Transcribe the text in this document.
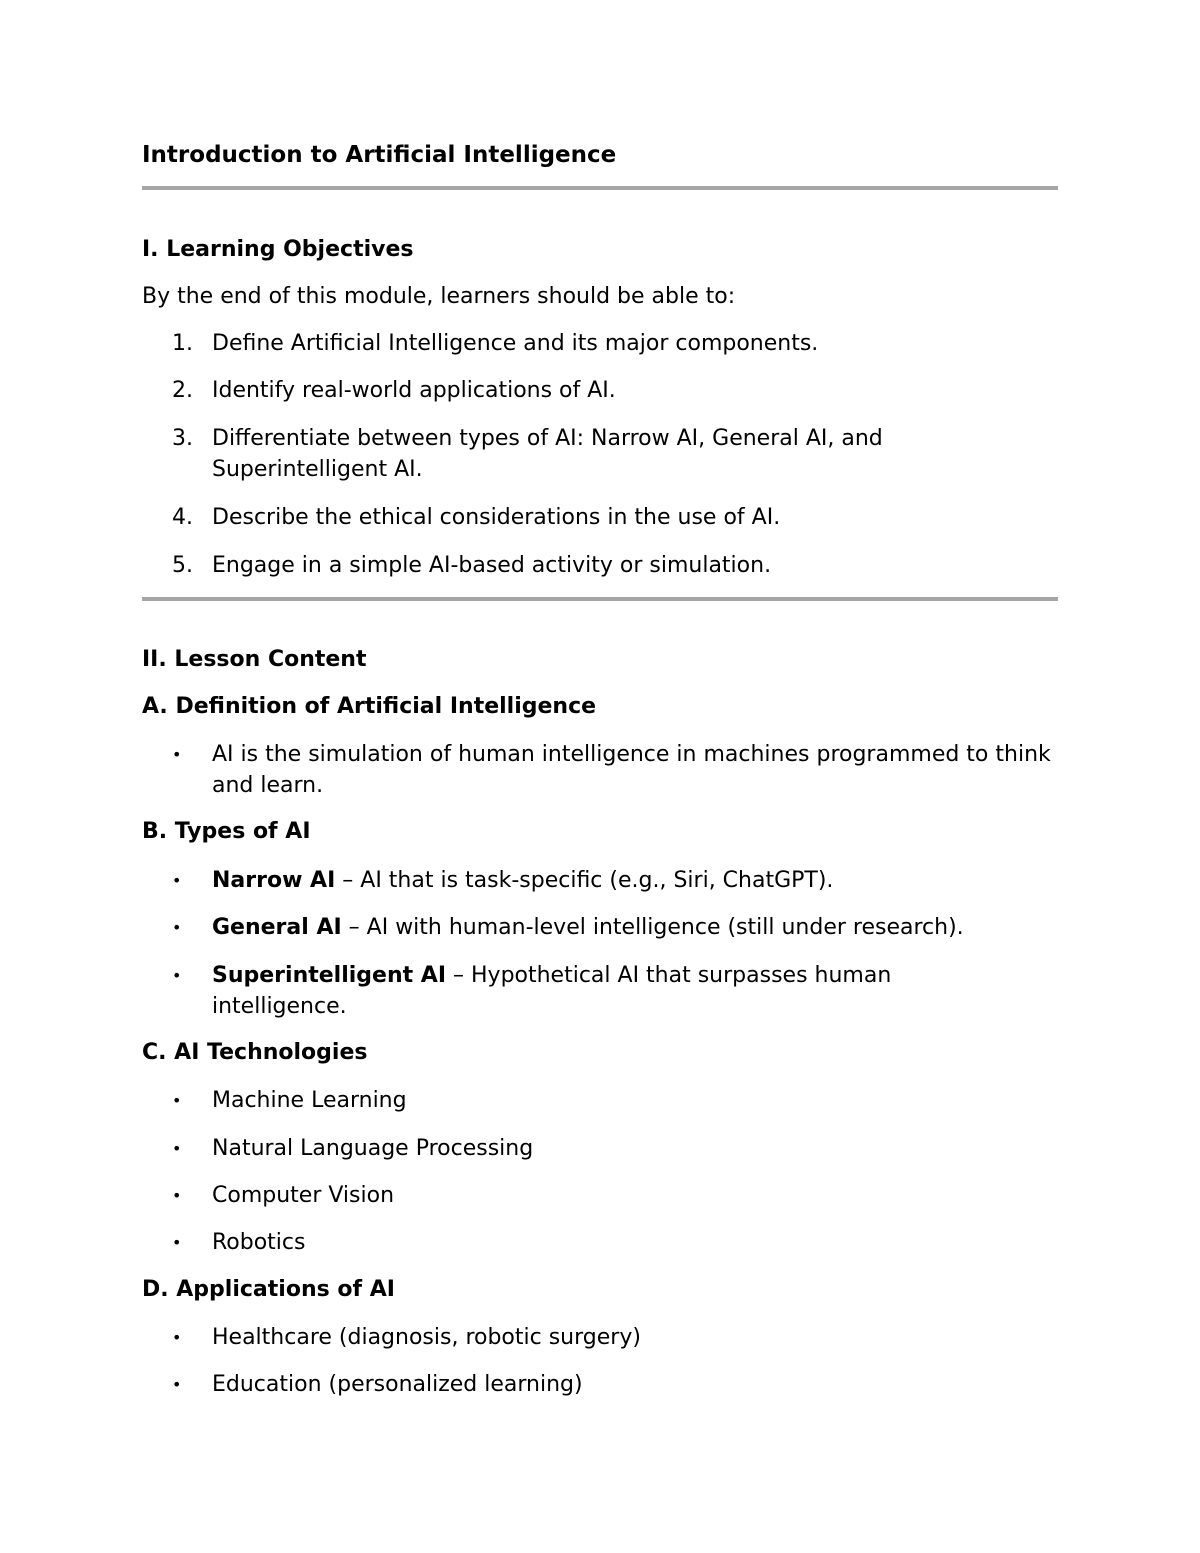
Introduction to Artificial Intelligence
I. Learning Objectives

By the end of this module, learners should be able to:

1. Define Artificial Intelligence and its major components.
2. Identify real-world applications of AI.
3. Differentiate between types of AI: Narrow AI, General AI, and Superintelligent AI.
4. Describe the ethical considerations in the use of AI.
5. Engage in a simple AI-based activity or simulation.
II. Lesson Content
A. Definition of Artificial Intelligence
•	AI is the simulation of human intelligence in machines programmed to think and learn.
B. Types of AI
•	Narrow AI – AI that is task-specific (e.g., Siri, ChatGPT).
•	General AI – AI with human-level intelligence (still under research).
•	Superintelligent AI – Hypothetical AI that surpasses human intelligence.
C. AI Technologies
•	Machine Learning
•	Natural Language Processing
•	Computer Vision
•	Robotics
D. Applications of AI
•	Healthcare (diagnosis, robotic surgery)
•	Education (personalized learning)
